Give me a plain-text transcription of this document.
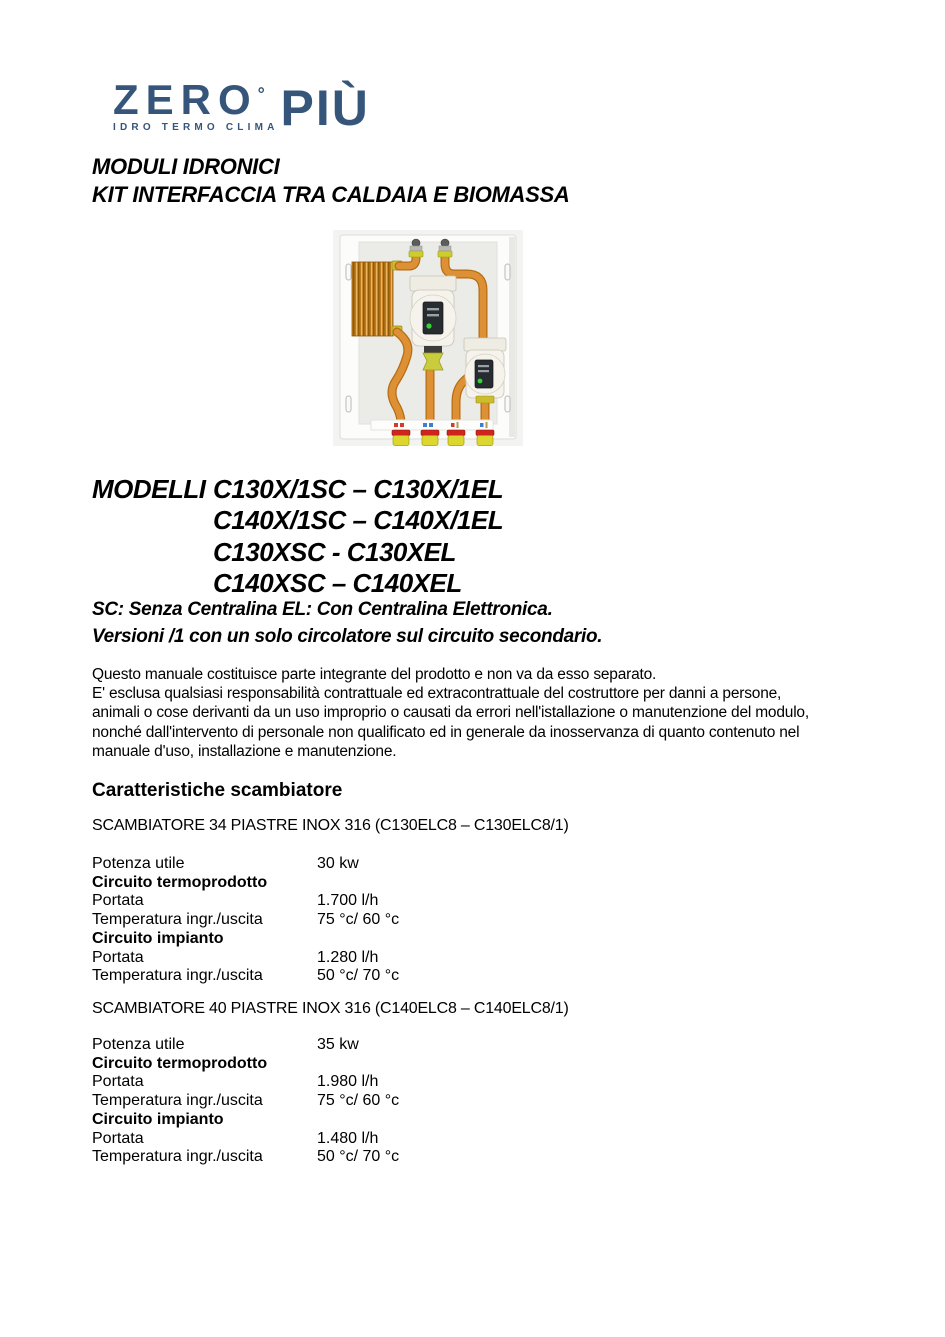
ZERO°
IDRO TERMO CLIMA PIÙ
MODULI IDRONICI
KIT INTERFACCIA TRA CALDAIA E BIOMASSA
MODELLI C130X/1SC – C130X/1EL
C140X/1SC – C140X/1EL
C130XSC - C130XEL
C140XSC – C140XEL
SC: Senza Centralina EL: Con Centralina Elettronica.
Versioni /1 con un solo circolatore sul circuito secondario.
Questo manuale costituisce parte integrante del prodotto e non va da esso separato.
E' esclusa qualsiasi responsabilità contrattuale ed extracontrattuale del costruttore per danni a persone,
animali o cose derivanti da un uso improprio o causati da errori nell'istallazione o manutenzione del modulo,
nonché dall'intervento di personale non qualificato ed in generale da inosservanza di quanto contenuto nel
manuale d'uso, installazione e manutenzione.
Caratteristiche scambiatore
SCAMBIATORE 34 PIASTRE INOX 316 (C130ELC8 – C130ELC8/1)
Potenza utile	30 kw
Circuito termoprodotto
Portata	1.700 l/h
Temperatura ingr./uscita	75 °c/ 60 °c
Circuito impianto
Portata	1.280 l/h
Temperatura ingr./uscita	50 °c/ 70 °c
SCAMBIATORE 40 PIASTRE INOX 316 (C140ELC8 – C140ELC8/1)
Potenza utile	35 kw
Circuito termoprodotto
Portata	1.980 l/h
Temperatura ingr./uscita	75 °c/ 60 °c
Circuito impianto
Portata	1.480 l/h
Temperatura ingr./uscita	50 °c/ 70 °c
